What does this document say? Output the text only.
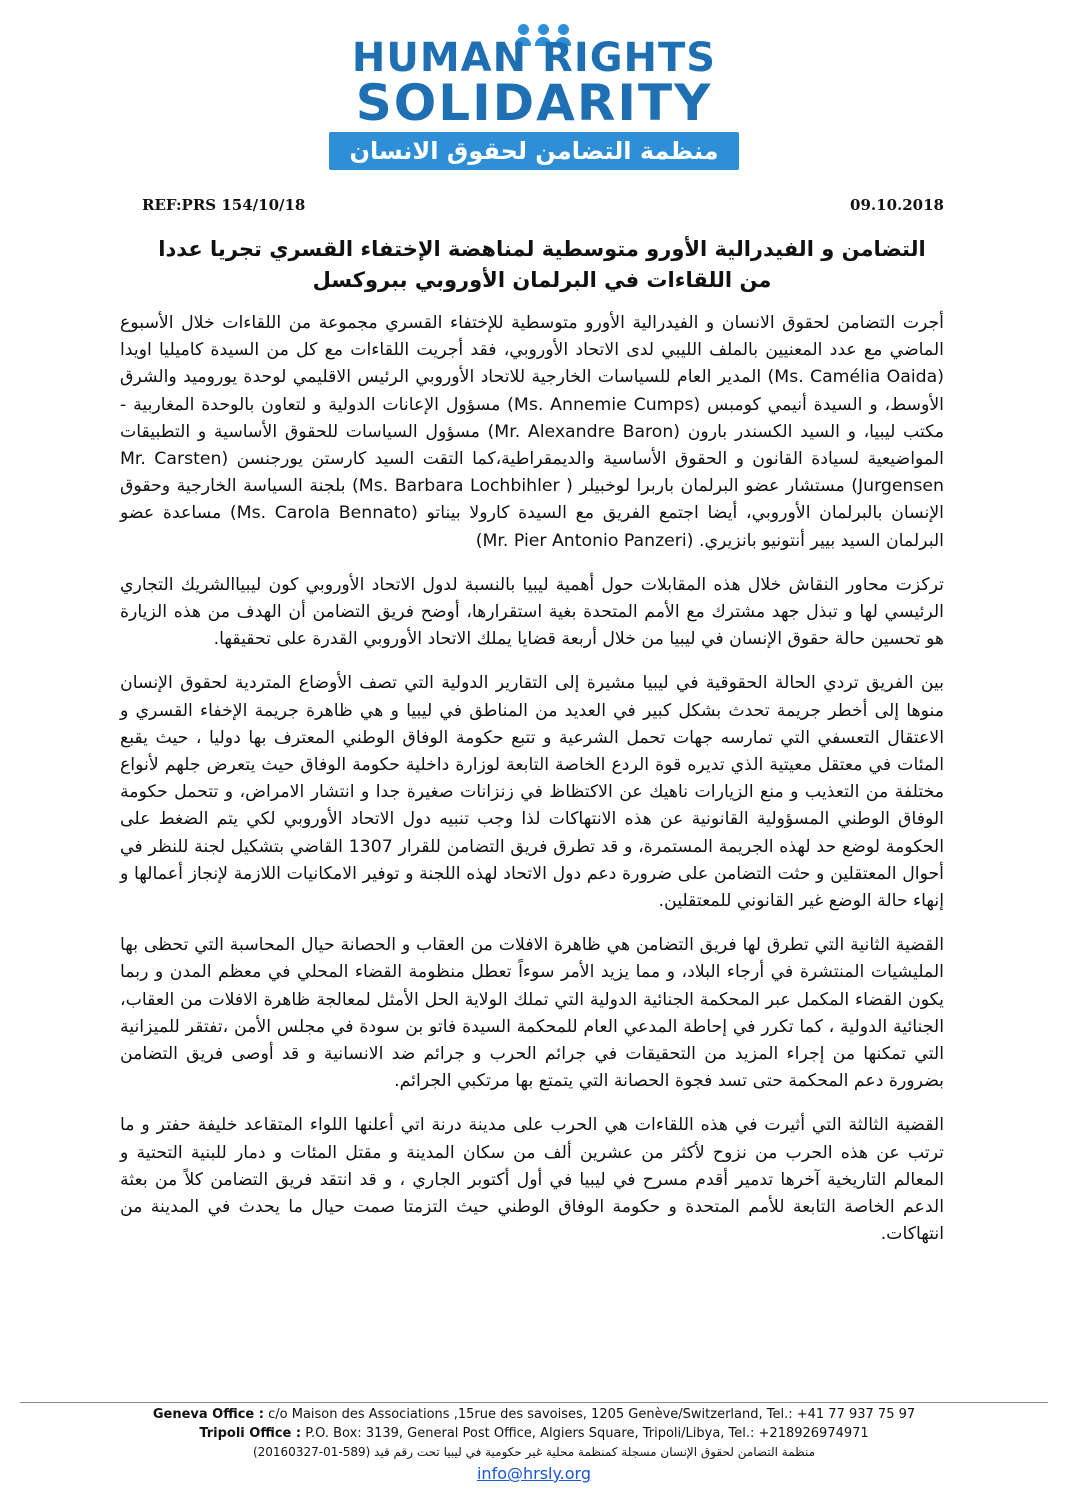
HUMAN RIGHTS
SOLIDARITY
منظمة التضامن لحقوق الانسان
REF:PRS 154/10/18	09.10.2018
التضامن و الفيدرالية الأورو متوسطية لمناهضة الإختفاء القسري تجريا عددا من اللقاءات في البرلمان الأوروبي ببروكسل

أجرت التضامن لحقوق الانسان و الفيدرالية الأورو متوسطية للإختفاء القسري مجموعة من اللقاءات خلال الأسبوع الماضي مع عدد المعنيين بالملف الليبي لدى الاتحاد الأوروبي، فقد أجريت اللقاءات مع كل من السيدة كاميليا اويدا (Ms. Camélia Oaida) المدير العام للسياسات الخارجية للاتحاد الأوروبي الرئيس الاقليمي لوحدة يوروميد والشرق الأوسط، و السيدة أنيمي كومبس (Ms. Annemie Cumps) مسؤول الإعانات الدولية و لتعاون بالوحدة المغاربية - مكتب ليبيا، و السيد الكسندر بارون (Mr. Alexandre Baron) مسؤول السياسات للحقوق الأساسية و التطبيقات المواضيعية لسيادة القانون و الحقوق الأساسية والديمقراطية،كما التقت السيد كارستن يورجنسن (Mr. Carsten Jurgensen) مستشار عضو البرلمان باربرا لوخبيلر ( Ms. Barbara Lochbihler) بلجنة السياسة الخارجية وحقوق الإنسان بالبرلمان الأوروبي، أيضا اجتمع الفريق مع السيدة كارولا بيناتو (Ms. Carola Bennato) مساعدة عضو البرلمان السيد بيير أنتونيو بانزيري. (Mr. Pier Antonio Panzeri)

تركزت محاور النقاش خلال هذه المقابلات حول أهمية ليبيا بالنسبة لدول الاتحاد الأوروبي كون ليبياالشريك التجاري الرئيسي لها و تبذل جهد مشترك مع الأمم المتحدة بغية استقرارها، أوضح فريق التضامن أن الهدف من هذه الزيارة هو تحسين حالة حقوق الإنسان في ليبيا من خلال أربعة قضايا يملك الاتحاد الأوروبي القدرة على تحقيقها.

بين الفريق تردي الحالة الحقوقية في ليبيا مشيرة إلى التقارير الدولية التي تصف الأوضاع المتردية لحقوق الإنسان منوها إلى أخطر جريمة تحدث بشكل كبير في العديد من المناطق في ليبيا و هي ظاهرة جريمة الإخفاء القسري و الاعتقال التعسفي التي تمارسه جهات تحمل الشرعية و تتبع حكومة الوفاق الوطني المعترف بها دوليا ، حيث يقبع المئات في معتقل معيتية الذي تديره قوة الردع الخاصة التابعة لوزارة داخلية حكومة الوفاق حيث يتعرض جلهم لأنواع مختلفة من التعذيب و منع الزيارات ناهيك عن الاكتظاظ في زنزانات صغيرة جدا و انتشار الامراض، و تتحمل حكومة الوفاق الوطني المسؤولية القانونية عن هذه الانتهاكات لذا وجب تنبيه دول الاتحاد الأوروبي لكي يتم الضغط على الحكومة لوضع حد لهذه الجريمة المستمرة، و قد تطرق فريق التضامن للقرار 1307 القاضي بتشكيل لجنة للنظر في أحوال المعتقلين و حثت التضامن على ضرورة دعم دول الاتحاد لهذه اللجنة و توفير الامكانيات اللازمة لإنجاز أعمالها و إنهاء حالة الوضع غير القانوني للمعتقلين.

القضية الثانية التي تطرق لها فريق التضامن هي ظاهرة الافلات من العقاب و الحصانة حيال المحاسبة التي تحظى بها المليشيات المنتشرة في أرجاء البلاد، و مما يزيد الأمر سوءاً تعطل منظومة القضاء المحلي في معظم المدن و ربما يكون القضاء المكمل عبر المحكمة الجنائية الدولية التي تملك الولاية الحل الأمثل لمعالجة ظاهرة الافلات من العقاب، الجنائية الدولية ، كما تكرر في إحاطة المدعي العام للمحكمة السيدة فاتو بن سودة في مجلس الأمن ،تفتقر للميزانية التي تمكنها من إجراء المزيد من التحقيقات في جرائم الحرب و جرائم ضد الانسانية و قد أوصى فريق التضامن بضرورة دعم المحكمة حتى تسد فجوة الحصانة التي يتمتع بها مرتكبي الجرائم.

القضية الثالثة التي أثيرت في هذه اللقاءات هي الحرب على مدينة درنة اتي أعلنها اللواء المتقاعد خليفة حفتر و ما ترتب عن هذه الحرب من نزوح لأكثر من عشرين ألف من سكان المدينة و مقتل المئات و دمار للبنية التحتية و المعالم التاريخية آخرها تدمير أقدم مسرح في ليبيا في أول أكتوبر الجاري ، و قد انتقد فريق التضامن كلاً من بعثة الدعم الخاصة التابعة للأمم المتحدة و حكومة الوفاق الوطني حيث التزمتا صمت حيال ما يحدث في المدينة من انتهاكات.

Geneva Office : c/o Maison des Associations ,15rue des savoises, 1205 Genève/Switzerland, Tel.: +41 77 937 75 97
Tripoli Office : P.O. Box: 3139, General Post Office, Algiers Square, Tripoli/Libya, Tel.: +218926974971
منظمة التضامن لحقوق الإنسان مسجلة كمنظمة محلية غير حكومية في ليبيا تحت رقم قيد (589-01-20160327)
info@hrsly.org
